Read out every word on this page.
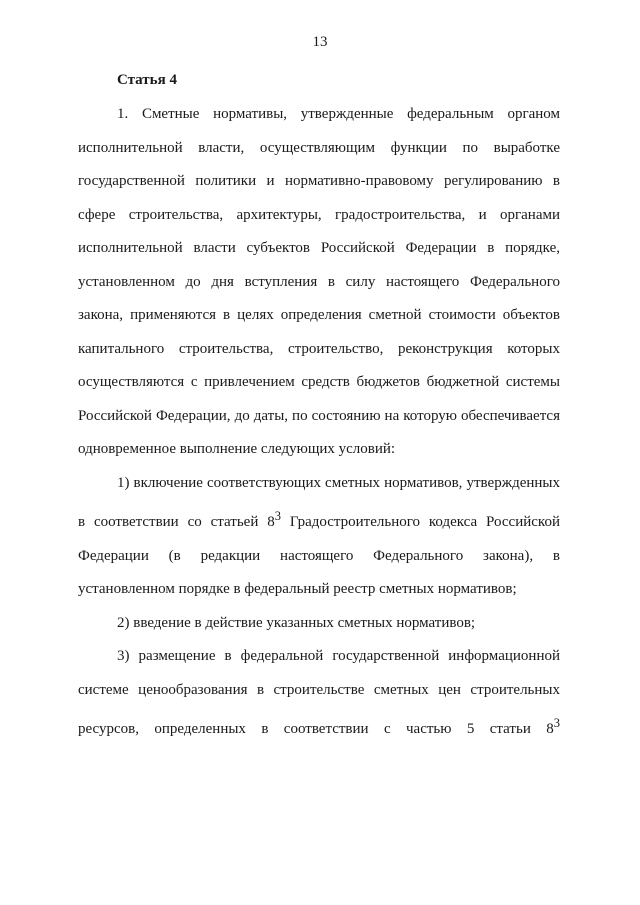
13
Статья 4

1. Сметные нормативы, утвержденные федеральным органом исполнительной власти, осуществляющим функции по выработке государственной политики и нормативно-правовому регулированию в сфере строительства, архитектуры, градостроительства, и органами исполнительной власти субъектов Российской Федерации в порядке, установленном до дня вступления в силу настоящего Федерального закона, применяются в целях определения сметной стоимости объектов капитального строительства, строительство, реконструкция которых осуществляются с привлечением средств бюджетов бюджетной системы Российской Федерации, до даты, по состоянию на которую обеспечивается одновременное выполнение следующих условий:

1) включение соответствующих сметных нормативов, утвержденных в соответствии со статьей $8^3$ Градостроительного кодекса Российской Федерации (в редакции настоящего Федерального закона), в установленном порядке в федеральный реестр сметных нормативов;

2) введение в действие указанных сметных нормативов;

3) размещение в федеральной государственной информационной системе ценообразования в строительстве сметных цен строительных ресурсов, определенных в соответствии с частью 5 статьи $8^3$
